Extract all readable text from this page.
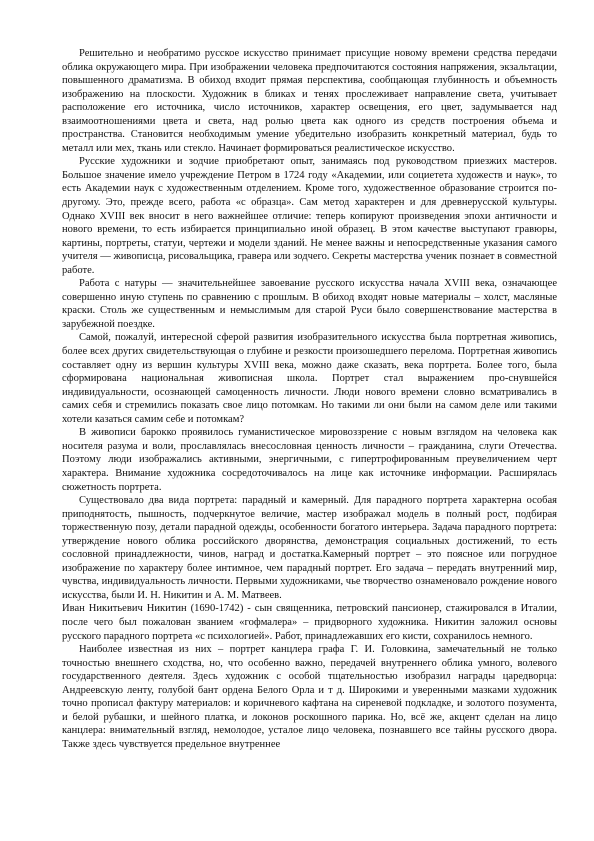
Решительно и необратимо русское искусство принимает присущие новому времени средства передачи облика окружающего мира. При изображении человека предпочитаются состояния напряжения, экзальтации, повышенного драматизма. В обиход входит прямая перспектива, сообщающая глубинность и объемность изображению на плоскости. Художник в бликах и тенях прослеживает направление света, учитывает расположение его источника, число источников, характер освещения, его цвет, задумывается над взаимоотношениями цвета и света, над ролью цвета как одного из средств построения объема и пространства. Становится необходимым умение убедительно изобразить конкретный материал, будь то металл или мех, ткань или стекло. Начинает формироваться реалистическое искусство.

Русские художники и зодчие приобретают опыт, занимаясь под руководством приезжих мастеров. Большое значение имело учреждение Петром в 1724 году «Академии, или социетета художеств и наук», то есть Академии наук с художественным отделением. Кроме того, художественное образование строится по-другому. Это, прежде всего, работа «с образца». Сам метод характерен и для древнерусской культуры. Однако XVIII век вносит в него важнейшее отличие: теперь копируют произведения эпохи античности и нового времени, то есть избирается принципиально иной образец. В этом качестве выступают гравюры, картины, портреты, статуи, чертежи и модели зданий. Не менее важны и непосредственные указания самого учителя — живописца, рисовальщика, гравера или зодчего. Секреты мастерства ученик познает в совместной работе.

Работа с натуры — значительнейшее завоевание русского искусства начала XVIII века, означающее совершенно иную ступень по сравнению с прошлым. В обиход входят новые материалы – холст, масляные краски. Столь же существенным и немыслимым для старой Руси было совершенствование мастерства в зарубежной поездке.

Самой, пожалуй, интересной сферой развития изобразительного искусства была портретная живопись, более всех других свидетельствующая о глубине и резкости произошедшего перелома. Портретная живопись составляет одну из вершин культуры XVIII века, можно даже сказать, века портрета. Более того, была сформирована национальная живописная школа. Портрет стал выражением про-снувшейся индивидуальности, осознающей самоценность личности. Люди нового времени словно всматривались в самих себя и стремились показать свое лицо потомкам. Но такими ли они были на самом деле или такими хотели казаться самим себе и потомкам?

В живописи барокко проявилось гуманистическое мировоззрение с новым взглядом на человека как носителя разума и воли, прославлялась внесословная ценность личности – гражданина, слуги Отечества. Поэтому люди изображались активными, энергичными, с гипертрофированным преувеличением черт характера. Внимание художника сосредоточивалось на лице как источнике информации. Расширялась сюжетность портрета.

Существовало два вида портрета: парадный и камерный. Для парадного портрета характерна особая приподнятость, пышность, подчеркнутое величие, мастер изображал модель в полный рост, подбирая торжественную позу, детали парадной одежды, особенности богатого интерьера. Задача парадного портрета: утверждение нового облика российского дворянства, демонстрация социальных достижений, то есть сословной принадлежности, чинов, наград и достатка.Камерный портрет – это поясное или погрудное изображение по характеру более интимное, чем парадный портрет. Его задача – передать внутренний мир, чувства, индивидуальность личности. Первыми художниками, чье творчество ознаменовало рождение нового искусства, были И. Н. Никитин и А. М. Матвеев.

Иван Никитьевич Никитин (1690-1742) - сын священника, петровский пансионер, стажировался в Италии, после чего был пожалован званием «гофмалера» – придворного художника. Никитин заложил основы русского парадного портрета «с психологией». Работ, принадлежавших его кисти, сохранилось немного.

Наиболее известная из них – портрет канцлера графа Г. И. Головкина, замечательный не только точностью внешнего сходства, но, что особенно важно, передачей внутреннего облика умного, волевого государственного деятеля. Здесь художник с особой тщательностью изобразил награды царедворца: Андреевскую ленту, голубой бант ордена Белого Орла и т д. Широкими и уверенными мазками художник точно прописал фактуру материалов: и коричневого кафтана на сиреневой подкладке, и золотого позумента, и белой рубашки, и шейного платка, и локонов роскошного парика. Но, всё же, акцент сделан на лицо канцлера: внимательный взгляд, немолодое, усталое лицо человека, познавшего все тайны русского двора. Также здесь чувствуется предельное внутреннее
